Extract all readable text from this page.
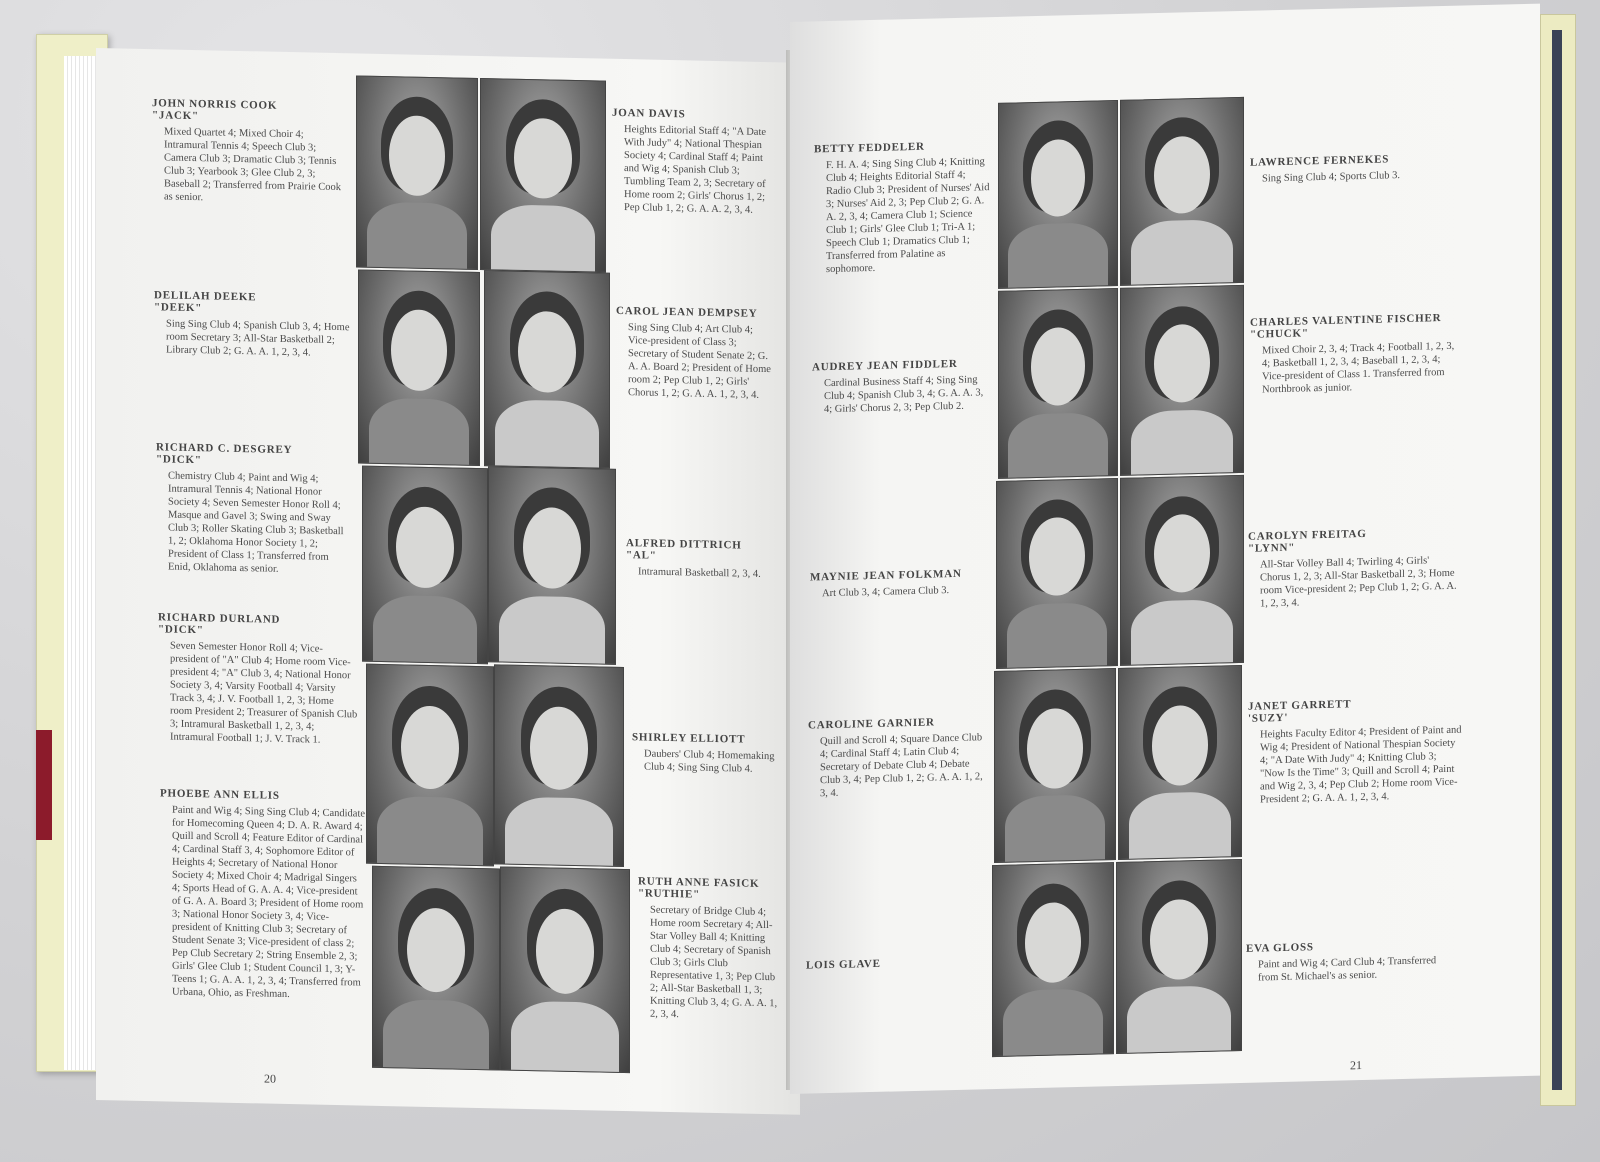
JOHN NORRIS COOK
"JACK"
Mixed Quartet 4; Mixed Choir 4; Intramural Tennis 4; Speech Club 3; Camera Club 3; Dramatic Club 3; Tennis Club 3; Yearbook 3; Glee Club 2, 3; Baseball 2; Transferred from Prairie Cook as senior.
JOAN DAVIS
Heights Editorial Staff 4; "A Date With Judy" 4; National Thespian Society 4; Cardinal Staff 4; Paint and Wig 4; Spanish Club 3; Tumbling Team 2, 3; Secretary of Home room 2; Girls' Chorus 1, 2; Pep Club 1, 2; G. A. A. 2, 3, 4.
DELILAH DEEKE
"DEEK"
Sing Sing Club 4; Spanish Club 3, 4; Home room Secretary 3; All-Star Basketball 2; Library Club 2; G. A. A. 1, 2, 3, 4.
CAROL JEAN DEMPSEY
Sing Sing Club 4; Art Club 4; Vice-president of Class 3; Secretary of Student Senate 2; G. A. A. Board 2; President of Home room 2; Pep Club 1, 2; Girls' Chorus 1, 2; G. A. A. 1, 2, 3, 4.
RICHARD C. DESGREY
"DICK"
Chemistry Club 4; Paint and Wig 4; Intramural Tennis 4; National Honor Society 4; Seven Semester Honor Roll 4; Masque and Gavel 3; Swing and Sway Club 3; Roller Skating Club 3; Basketball 1, 2; Oklahoma Honor Society 1, 2; President of Class 1; Transferred from Enid, Oklahoma as senior.
ALFRED DITTRICH
"AL"
Intramural Basketball 2, 3, 4.
RICHARD DURLAND
"DICK"
Seven Semester Honor Roll 4; Vice-president of "A" Club 4; Home room Vice-president 4; "A" Club 3, 4; National Honor Society 3, 4; Varsity Football 4; Varsity Track 3, 4; J. V. Football 1, 2, 3; Home room President 2; Treasurer of Spanish Club 3; Intramural Basketball 1, 2, 3, 4; Intramural Football 1; J. V. Track 1.	SHIRLEY ELLIOTT
Daubers' Club 4; Homemaking Club 4; Sing Sing Club 4.
PHOEBE ANN ELLIS
Paint and Wig 4; Sing Sing Club 4; Candidate for Homecoming Queen 4; D. A. R. Award 4; Quill and Scroll 4; Feature Editor of Cardinal 4; Cardinal Staff 3, 4; Sophomore Editor of Heights 4; Secretary of National Honor Society 4; Mixed Choir 4; Madrigal Singers 4; Sports Head of G. A. A. 4; Vice-president of G. A. A. Board 3; President of Home room 3; National Honor Society 3, 4; Vice-president of Knitting Club 3; Secretary of Student Senate 3; Vice-president of class 2; Pep Club Secretary 2; String Ensemble 2, 3; Girls' Glee Club 1; Student Council 1, 3; Y-Teens 1; G. A. A. 1, 2, 3, 4; Transferred from Urbana, Ohio, as Freshman.
RUTH ANNE FASICK
"RUTHIE"
Secretary of Bridge Club 4; Home room Secretary 4; All-Star Volley Ball 4; Knitting Club 4; Secretary of Spanish Club 3; Girls Club Representative 1, 3; Pep Club 2; All-Star Basketball 1, 3; Knitting Club 3, 4; G. A. A. 1, 2, 3, 4.
20
BETTY FEDDELER
F. H. A. 4; Sing Sing Club 4; Knitting Club 4; Heights Editorial Staff 4; Radio Club 3; President of Nurses' Aid 3; Nurses' Aid 2, 3; Pep Club 2; G. A. A. 2, 3, 4; Camera Club 1; Science Club 1; Girls' Glee Club 1; Tri-A 1; Speech Club 1; Dramatics Club 1; Transferred from Palatine as sophomore.
LAWRENCE FERNEKES
Sing Sing Club 4; Sports Club 3.
AUDREY JEAN FIDDLER
Cardinal Business Staff 4; Sing Sing Club 4; Spanish Club 3, 4; G. A. A. 3, 4; Girls' Chorus 2, 3; Pep Club 2.
CHARLES VALENTINE FISCHER
"CHUCK"
Mixed Choir 2, 3, 4; Track 4; Football 1, 2, 3, 4; Basketball 1, 2, 3, 4; Baseball 1, 2, 3, 4; Vice-president of Class 1. Transferred from Northbrook as junior.
MAYNIE JEAN FOLKMAN
Art Club 3, 4; Camera Club 3.
CAROLYN FREITAG
"LYNN"
All-Star Volley Ball 4; Twirling 4; Girls' Chorus 1, 2, 3; All-Star Basketball 2, 3; Home room Vice-president 2; Pep Club 1, 2; G. A. A. 1, 2, 3, 4.
CAROLINE GARNIER
Quill and Scroll 4; Square Dance Club 4; Cardinal Staff 4; Latin Club 4; Secretary of Debate Club 4; Debate Club 3, 4; Pep Club 1, 2; G. A. A. 1, 2, 3, 4.
JANET GARRETT
'SUZY'
Heights Faculty Editor 4; President of Paint and Wig 4; President of National Thespian Society 4; "A Date With Judy" 4; Knitting Club 3; "Now Is the Time" 3; Quill and Scroll 4; Paint and Wig 2, 3, 4; Pep Club 2; Home room Vice-President 2; G. A. A. 1, 2, 3, 4.
LOIS GLAVE
EVA GLOSS
Paint and Wig 4; Card Club 4; Transferred from St. Michael's as senior.
21
